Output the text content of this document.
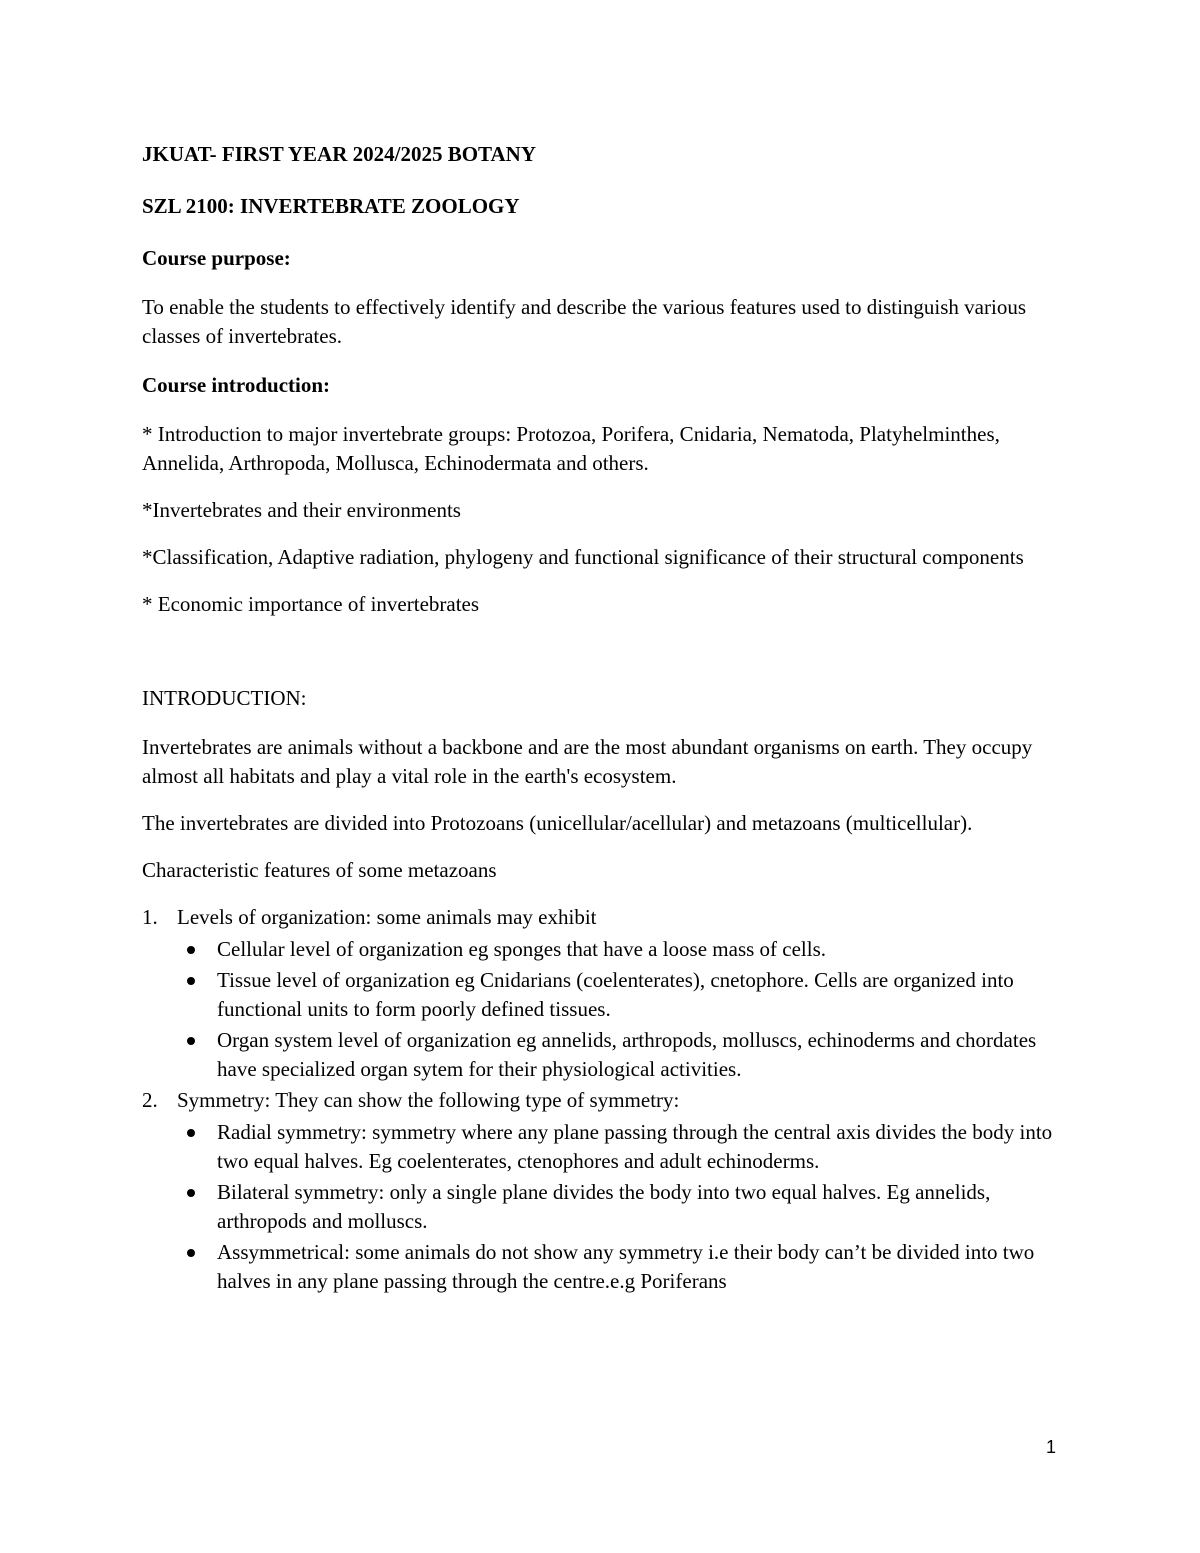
JKUAT- FIRST YEAR 2024/2025 BOTANY

SZL 2100: INVERTEBRATE ZOOLOGY

Course purpose:

To enable the students to effectively identify and describe the various features used to distinguish various classes of invertebrates.

Course introduction:

* Introduction to major invertebrate groups: Protozoa, Porifera, Cnidaria, Nematoda, Platyhelminthes, Annelida, Arthropoda, Mollusca, Echinodermata and others.

*Invertebrates and their environments

*Classification, Adaptive radiation, phylogeny and functional significance of their structural components

* Economic importance of invertebrates

INTRODUCTION:

Invertebrates are animals without a backbone and are the most abundant organisms on earth. They occupy almost all habitats and play a vital role in the earth's ecosystem.

The invertebrates are divided into Protozoans (unicellular/acellular) and metazoans (multicellular).

Characteristic features of some metazoans

1. Levels of organization: some animals may exhibit
Cellular level of organization eg sponges that have a loose mass of cells.
Tissue level of organization eg Cnidarians (coelenterates), cnetophore. Cells are organized into functional units to form poorly defined tissues.
Organ system level of organization eg annelids, arthropods, molluscs, echinoderms and chordates have specialized organ sytem for their physiological activities.
2. Symmetry: They can show the following type of symmetry:
Radial symmetry: symmetry where any plane passing through the central axis divides the body into two equal halves. Eg coelenterates, ctenophores and adult echinoderms.
Bilateral symmetry: only a single plane divides the body into two equal halves. Eg annelids, arthropods and molluscs.
Assymmetrical: some animals do not show any symmetry i.e their body can’t be divided into two halves in any plane passing through the centre.e.g Poriferans
1
